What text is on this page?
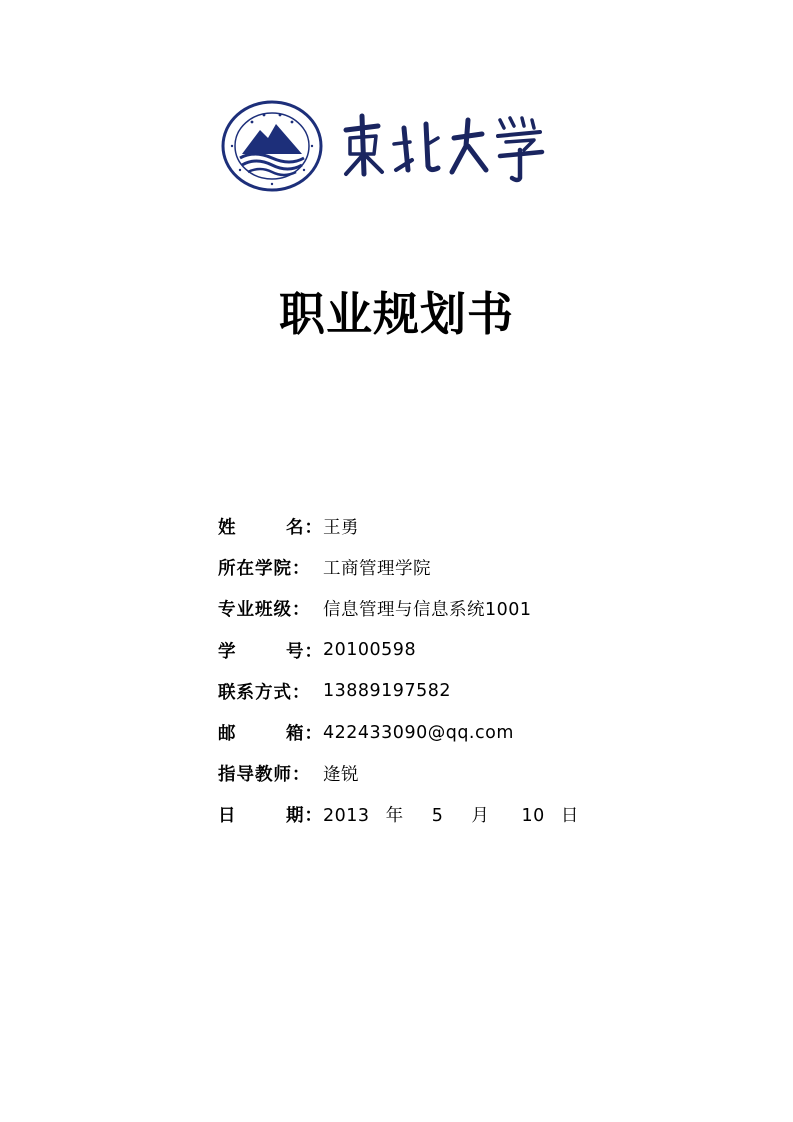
职业规划书
姓	名： 王勇
所在学院： 工商管理学院
专业班级： 信息管理与信息系统1001
学	号： 20100598
联系方式： 13889197582
邮	箱： 422433090@qq.com
指导教师： 逄锐
日	期： 2013 年 5 月 10 日
